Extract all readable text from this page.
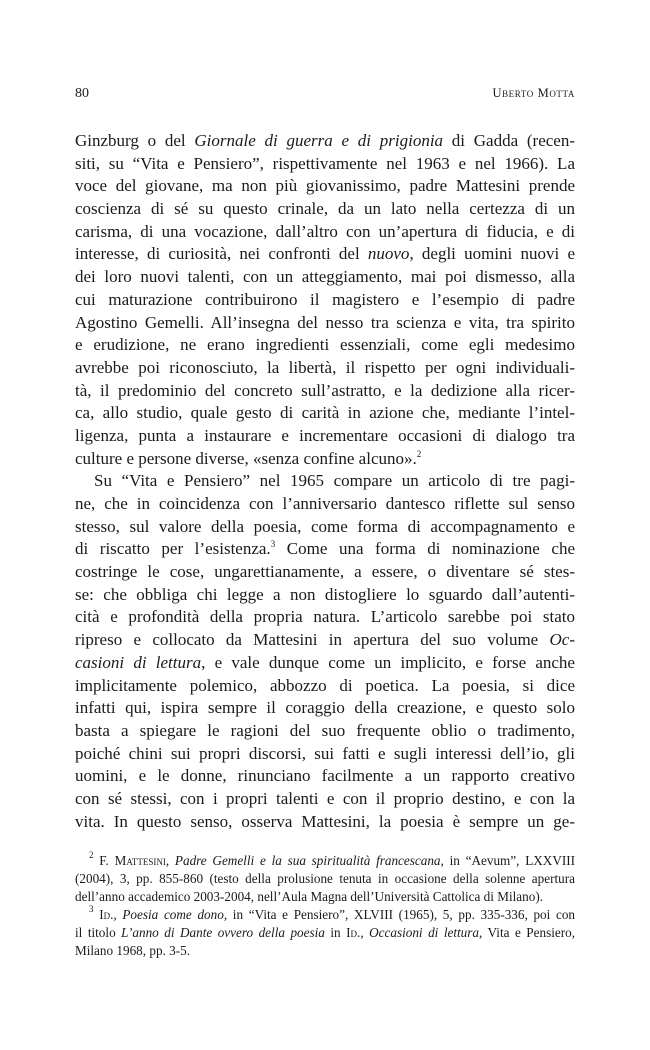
80	Uberto Motta
Ginzburg o del Giornale di guerra e di prigionia di Gadda (recen-
siti, su “Vita e Pensiero”, rispettivamente nel 1963 e nel 1966). La
voce del giovane, ma non più giovanissimo, padre Mattesini prende
coscienza di sé su questo crinale, da un lato nella certezza di un
carisma, di una vocazione, dall’altro con un’apertura di fiducia, e di
interesse, di curiosità, nei confronti del nuovo, degli uomini nuovi e
dei loro nuovi talenti, con un atteggiamento, mai poi dismesso, alla
cui maturazione contribuirono il magistero e l’esempio di padre
Agostino Gemelli. All’insegna del nesso tra scienza e vita, tra spirito
e erudizione, ne erano ingredienti essenziali, come egli medesimo
avrebbe poi riconosciuto, la libertà, il rispetto per ogni individuali-
tà, il predominio del concreto sull’astratto, e la dedizione alla ricer-
ca, allo studio, quale gesto di carità in azione che, mediante l’intel-
ligenza, punta a instaurare e incrementare occasioni di dialogo tra
culture e persone diverse, «senza confine alcuno».$^2$
Su “Vita e Pensiero” nel 1965 compare un articolo di tre pagi-
ne, che in coincidenza con l’anniversario dantesco riflette sul senso
stesso, sul valore della poesia, come forma di accompagnamento e
di riscatto per l’esistenza.$^3$ Come una forma di nominazione che
costringe le cose, ungarettianamente, a essere, o diventare sé stes-
se: che obbliga chi legge a non distogliere lo sguardo dall’autenti-
cità e profondità della propria natura. L’articolo sarebbe poi stato
ripreso e collocato da Mattesini in apertura del suo volume Oc-
casioni di lettura, e vale dunque come un implicito, e forse anche
implicitamente polemico, abbozzo di poetica. La poesia, si dice
infatti qui, ispira sempre il coraggio della creazione, e questo solo
basta a spiegare le ragioni del suo frequente oblio o tradimento,
poiché chini sui propri discorsi, sui fatti e sugli interessi dell’io, gli
uomini, e le donne, rinunciano facilmente a un rapporto creativo
con sé stessi, con i propri talenti e con il proprio destino, e con la
vita. In questo senso, osserva Mattesini, la poesia è sempre un ge-
$^2$ F. Mattesini, Padre Gemelli e la sua spiritualità francescana, in “Aevum”, LXXVIII
(2004), 3, pp. 855-860 (testo della prolusione tenuta in occasione della solenne apertura
dell’anno accademico 2003-2004, nell’Aula Magna dell’Università Cattolica di Milano).
$^3$ Id., Poesia come dono, in “Vita e Pensiero”, XLVIII (1965), 5, pp. 335-336, poi con
il titolo L’anno di Dante ovvero della poesia in Id., Occasioni di lettura, Vita e Pensiero,
Milano 1968, pp. 3-5.
